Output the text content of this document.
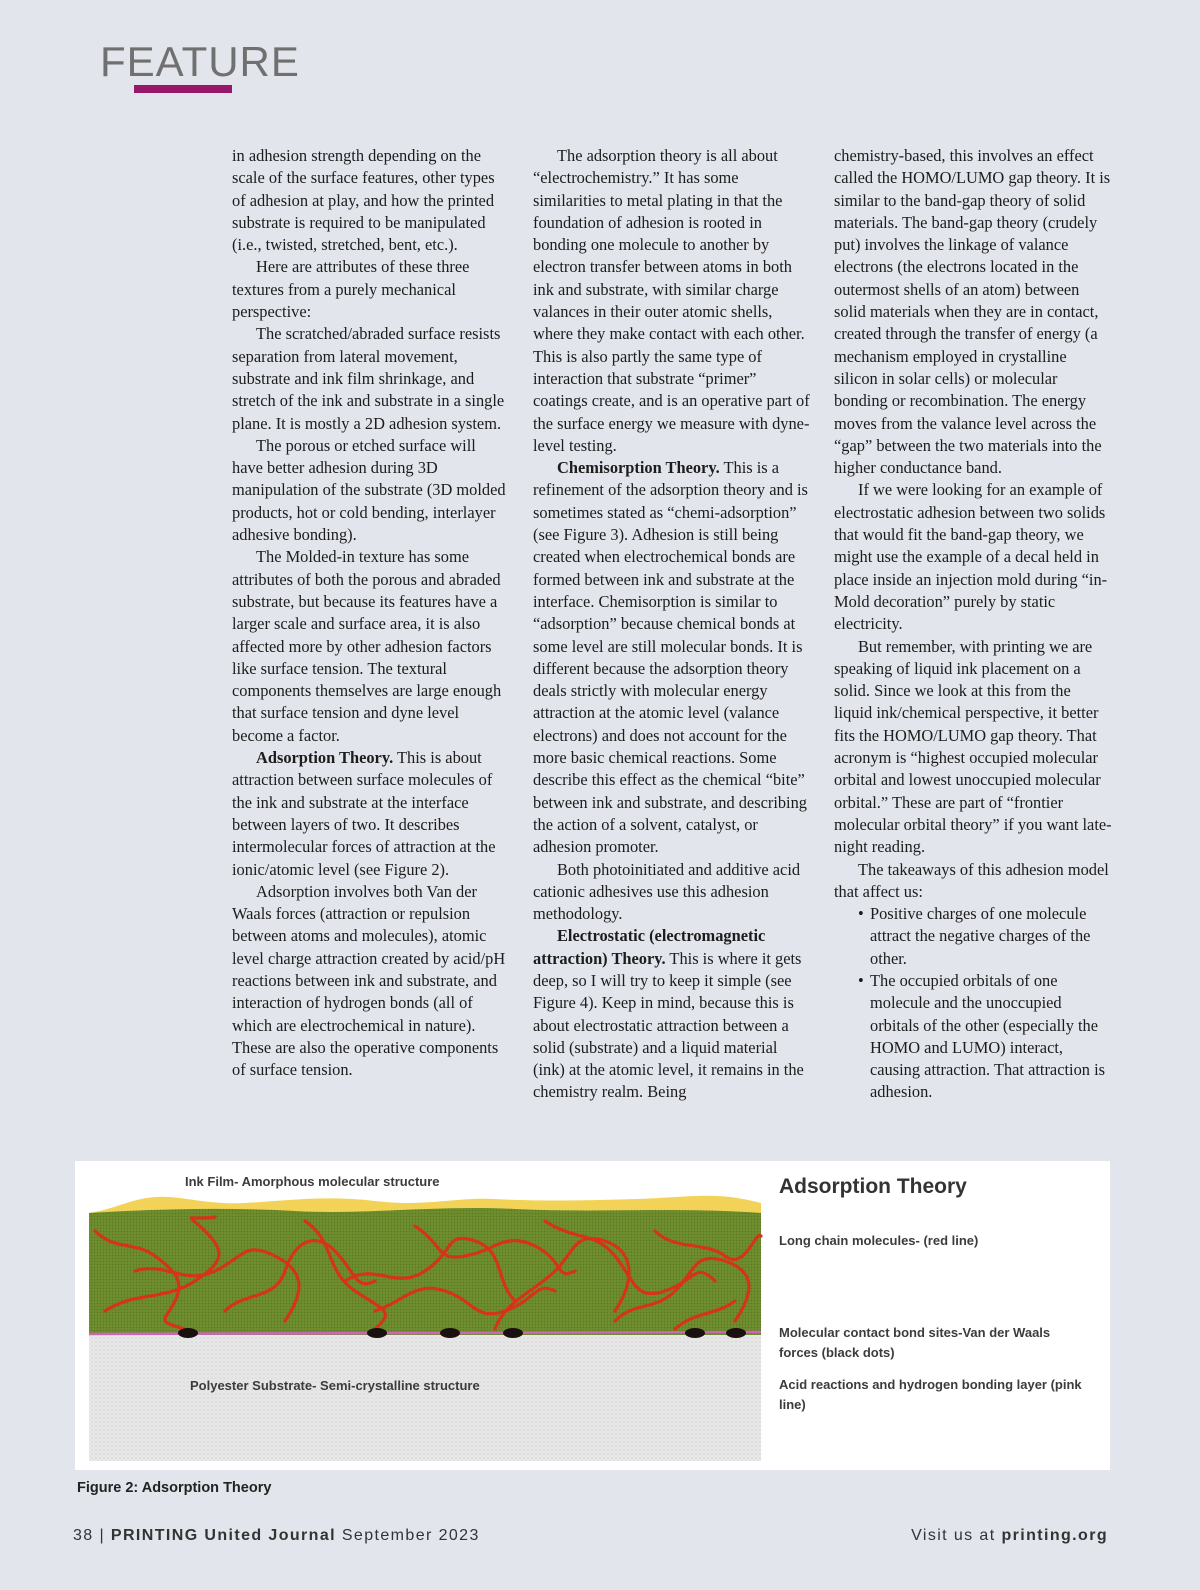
FEATURE

in adhesion strength depending on the scale of the surface features, other types of adhesion at play, and how the printed substrate is required to be manipulated (i.e., twisted, stretched, bent, etc.).

Here are attributes of these three textures from a purely mechanical perspective:

The scratched/abraded surface resists separation from lateral movement, substrate and ink film shrinkage, and stretch of the ink and substrate in a single plane. It is mostly a 2D adhesion system.

The porous or etched surface will have better adhesion during 3D manipulation of the substrate (3D molded products, hot or cold bending, interlayer adhesive bonding).

The Molded-in texture has some attributes of both the porous and abraded substrate, but because its features have a larger scale and surface area, it is also affected more by other adhesion factors like surface tension. The textural components themselves are large enough that surface tension and dyne level become a factor.

Adsorption Theory. This is about attraction between surface molecules of the ink and substrate at the interface between layers of two. It describes intermolecular forces of attraction at the ionic/atomic level (see Figure 2).

Adsorption involves both Van der Waals forces (attraction or repulsion between atoms and molecules), atomic level charge attraction created by acid/pH reactions between ink and substrate, and interaction of hydrogen bonds (all of which are electrochemical in nature). These are also the operative components of surface tension.

The adsorption theory is all about “electrochemistry.” It has some similarities to metal plating in that the foundation of adhesion is rooted in bonding one molecule to another by electron transfer between atoms in both ink and substrate, with similar charge valances in their outer atomic shells, where they make contact with each other. This is also partly the same type of interaction that substrate “primer” coatings create, and is an operative part of the surface energy we measure with dyne-level testing.

Chemisorption Theory. This is a refinement of the adsorption theory and is sometimes stated as “chemi-adsorption” (see Figure 3). Adhesion is still being created when electrochemical bonds are formed between ink and substrate at the interface. Chemisorption is similar to “adsorption” because chemical bonds at some level are still molecular bonds. It is different because the adsorption theory deals strictly with molecular energy attraction at the atomic level (valance electrons) and does not account for the more basic chemical reactions. Some describe this effect as the chemical “bite” between ink and substrate, and describing the action of a solvent, catalyst, or adhesion promoter.

Both photoinitiated and additive acid cationic adhesives use this adhesion methodology.

Electrostatic (electromagnetic attraction) Theory. This is where it gets deep, so I will try to keep it simple (see Figure 4). Keep in mind, because this is about electrostatic attraction between a solid (substrate) and a liquid material (ink) at the atomic level, it remains in the chemistry realm. Being

chemistry-based, this involves an effect called the HOMO/LUMO gap theory. It is similar to the band-gap theory of solid materials. The band-gap theory (crudely put) involves the linkage of valance electrons (the electrons located in the outermost shells of an atom) between solid materials when they are in contact, created through the transfer of energy (a mechanism employed in crystalline silicon in solar cells) or molecular bonding or recombination. The energy moves from the valance level across the “gap” between the two materials into the higher conductance band.

If we were looking for an example of electrostatic adhesion between two solids that would fit the band-gap theory, we might use the example of a decal held in place inside an injection mold during “in-Mold decoration” purely by static electricity.

But remember, with printing we are speaking of liquid ink placement on a solid. Since we look at this from the liquid ink/chemical perspective, it better fits the HOMO/LUMO gap theory. That acronym is “highest occupied molecular orbital and lowest unoccupied molecular orbital.” These are part of “frontier molecular orbital theory” if you want late-night reading.

The takeaways of this adhesion model that affect us:

• Positive charges of one molecule attract the negative charges of the other.
• The occupied orbitals of one molecule and the unoccupied orbitals of the other (especially the HOMO and LUMO) interact, causing attraction. That attraction is adhesion.
Ink Film- Amorphous molecular structure
Polyester Substrate- Semi-crystalline structure
Adsorption Theory
Long chain molecules- (red line)
Molecular contact bond sites-Van der Waals forces (black dots)
Acid reactions and hydrogen bonding layer (pink line)
Figure 2: Adsorption Theory
38 | PRINTING United Journal September 2023	Visit us at printing.org
